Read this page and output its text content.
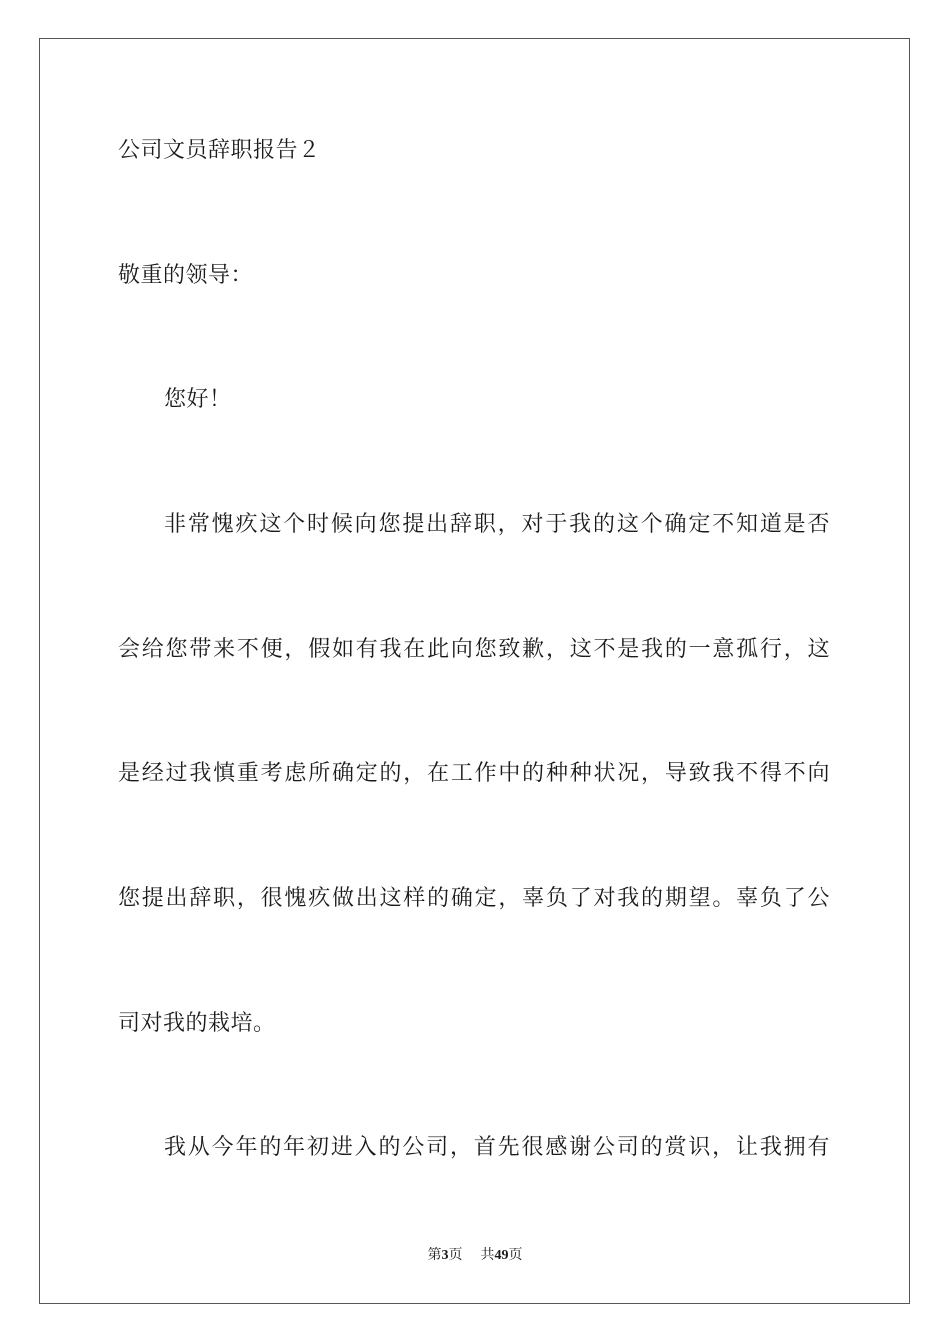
公司文员辞职报告２
敬重的领导：
您好！
非常愧疚这个时候向您提出辞职，对于我的这个确定不知道是否
会给您带来不便，假如有我在此向您致歉，这不是我的一意孤行，这
是经过我慎重考虑所确定的，在工作中的种种状况，导致我不得不向
您提出辞职，很愧疚做出这样的确定，辜负了对我的期望。辜负了公
司对我的栽培。
我从今年的年初进入的公司，首先很感谢公司的赏识，让我拥有
第3页 共49页
